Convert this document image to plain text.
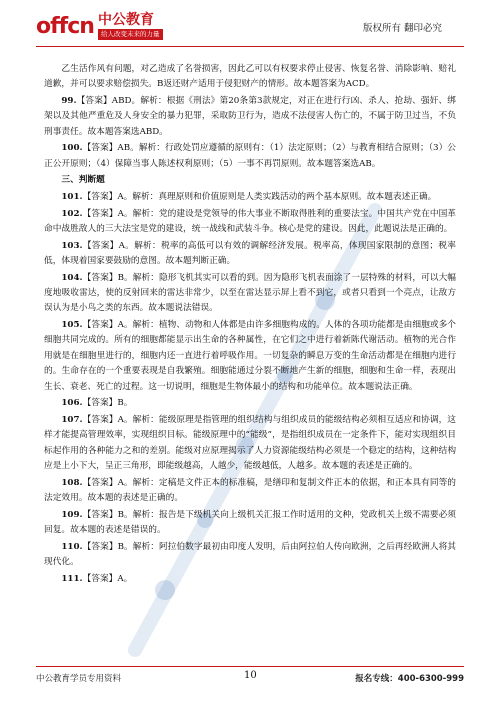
offcn 中公教育
给人改变未来的力量	版权所有 翻印必究

乙生活作风有问题，对乙造成了名誉损害，因此乙可以有权要求停止侵害、恢复名誉、消除影响、赔礼道歉，并可以要求赔偿损失。B返还财产适用于侵犯财产的情形。故本题答案为ACD。

99.【答案】ABD。解析：根据《刑法》第20条第3款规定，对正在进行行凶、杀人、抢劫、强奸、绑架以及其他严重危及人身安全的暴力犯罪，采取防卫行为，造成不法侵害人伤亡的，不属于防卫过当，不负刑事责任。故本题答案选ABD。

100.【答案】AB。解析：行政处罚应遵循的原则有：（1）法定原则；（2）与教育相结合原则；（3）公正公开原则；（4）保障当事人陈述权利原则；（5）一事不再罚原则。故本题答案选AB。

三、判断题

101.【答案】A。解析：真理原则和价值原则是人类实践活动的两个基本原则。故本题表述正确。

102.【答案】A。解析：党的建设是党领导的伟大事业不断取得胜利的重要法宝。中国共产党在中国革命中战胜敌人的三大法宝是党的建设，统一战线和武装斗争。核心是党的建设。因此，此题说法是正确的。

103.【答案】A。解析：税率的高低可以有效的调解经济发展。税率高，体现国家限制的意图；税率低，体现着国家要鼓励的意图。故本题判断正确。

104.【答案】B。解析：隐形飞机其实可以看的到。因为隐形飞机表面涂了一层特殊的材料，可以大幅度地吸收雷达，使的反射回来的雷达非常少，以至在雷达显示屏上看不到它，或者只看到一个亮点，让敌方误认为是小鸟之类的东西。故本题说法错误。

105.【答案】A。解析：植物、动物和人体都是由许多细胞构成的。人体的各项功能都是由细胞或多个细胞共同完成的。所有的细胞都能显示出生命的各种属性，在它们之中进行着新陈代谢活动。植物的光合作用就是在细胞里进行的，细胞内还一直进行着呼吸作用。一切复杂的瞬息万变的生命活动都是在细胞内进行的。生命存在的一个重要表现是自我繁殖。细胞能通过分裂不断地产生新的细胞，细胞和生命一样，表现出生长、衰老、死亡的过程。这一切说明，细胞是生物体最小的结构和功能单位。故本题说法正确。

106.【答案】B。

107.【答案】A。解析：能级原理是指管理的组织结构与组织成员的能级结构必须相互适应和协调，这样才能提高管理效率，实现组织目标。能级原理中的“能级”，是指组织成员在一定条件下，能对实现组织目标起作用的各种能力之和的差别。能级对应原理揭示了人力资源能级结构必须是一个稳定的结构，这种结构应是上小下大，呈正三角形，即能级越高，人越少，能级越低，人越多。故本题的表述是正确的。

108.【答案】A。解析：定稿是文件正本的标准稿，是缮印和复制文件正本的依据，和正本具有同等的法定效用。故本题的表述是正确的。

109.【答案】B。解析：报告是下级机关向上级机关汇报工作时适用的文种，党政机关上级不需要必须回复。故本题的表述是错误的。

110.【答案】B。解析：阿拉伯数字最初由印度人发明，后由阿拉伯人传向欧洲，之后再经欧洲人将其现代化。

111.【答案】A。

中公教育学员专用资料	10	报名专线：400-6300-999
